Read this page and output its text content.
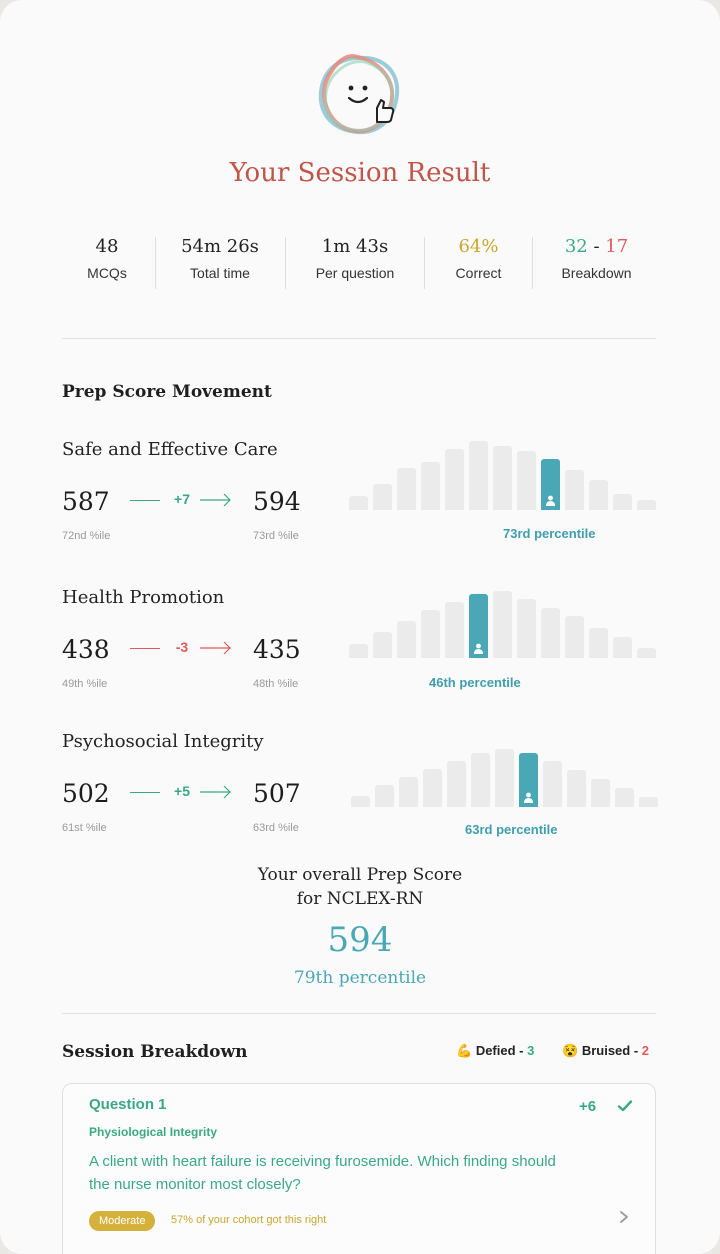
Your Session Result
48
MCQs
54m 26s
Total time
1m 43s
Per question
64%
Correct
32 - 17
Breakdown
Prep Score Movement
Safe and Effective Care
587
72nd %ile
+7	594
73rd %ile	73rd percentile
Health Promotion
438
49th %ile
-3	435
48th %ile	46th percentile
Psychosocial Integrity
502
61st %ile
+5	507
63rd %ile	63rd percentile
Your overall Prep Score
for NCLEX-RN
594
79th percentile
Session Breakdown	💪 Defied - 3 😵 Bruised - 2
Question 1	+6
Physiological Integrity
A client with heart failure is receiving furosemide. Which finding should the nurse monitor most closely?
Moderate	57% of your cohort got this right
